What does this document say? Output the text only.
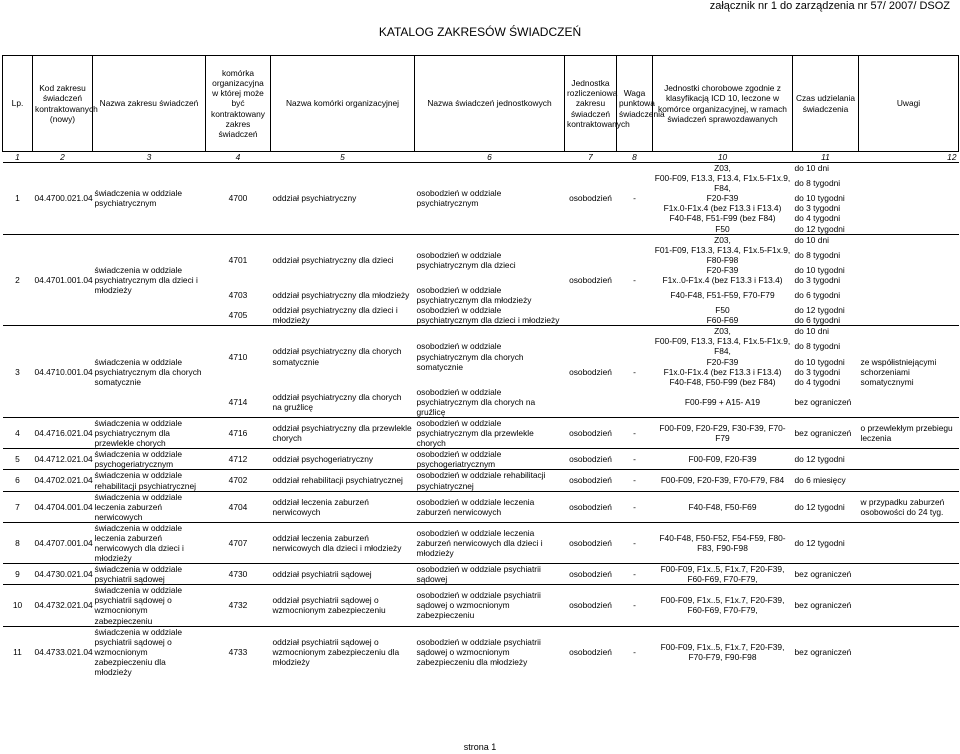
załącznik nr 1 do zarządzenia nr 57/ 2007/ DSOZ
KATALOG ZAKRESÓW ŚWIADCZEŃ
Lp.	Kod zakresu świadczeń kontraktowanych (nowy)	Nazwa zakresu świadczeń	komórka organizacyjna w której może być kontraktowany zakres świadczeń	Nazwa komórki organizacyjnej	Nazwa świadczeń jednostkowych	Jednostka rozliczeniowa zakresu świadczeń kontraktowanych	Waga punktowa świadczenia	Jednostki chorobowe zgodnie z klasyfikacją ICD 10, leczone w komórce organizacyjnej, w ramach świadczeń sprawozdawanych	Czas udzielania świadczenia	Uwagi
1	2	3	4	5	6	7	8	10	11	12
1	04.4700.021.04	świadczenia w oddziale psychiatrycznym	4700	oddział psychiatryczny	osobodzień w oddziale psychiatrycznym	osobodzień	-	Z03,	do 10 dni	
								F00-F09, F13.3, F13.4, F1x.5-F1x.9, F84,	do 8 tygodni	
								F20-F39	do 10 tygodni	
								F1x.0-F1x.4 (bez F13.3 i F13.4)	do 3 tygodni	
								F40-F48, F51-F99 (bez F84)	do 4 tygodni	
								F50	do 12 tygodni	
2	04.4701.001.04	świadczenia w oddziale psychiatrycznym dla dzieci i młodzieży	4701	oddział psychiatryczny dla dzieci	osobodzień w oddziale psychiatrycznym dla dzieci	osobodzień	-	Z03,	do 10 dni	
								F01-F09, F13.3, F13.4, F1x.5-F1x.9, F80-F98	do 8 tygodni	
								F20-F39	do 10 tygodni	
								F1x..0-F1x.4 (bez F13.3 i F13.4)	do 3 tygodni	
			4703	oddział psychiatryczny dla młodzieży	osobodzień w oddziale psychiatrycznym dla młodzieży			F40-F48, F51-F59, F70-F79	do 6 tygodni	
			4705	oddział psychiatryczny dla dzieci i młodzieży	osobodzień w oddziale psychiatrycznym dla dzieci i młodzieży			F50	do 12 tygodni	
								F60-F69	do 6 tygodni	
3	04.4710.001.04	świadczenia w oddziale psychiatrycznym dla chorych somatycznie	4710	oddział psychiatryczny dla chorych somatycznie	osobodzień w oddziale psychiatrycznym dla chorych somatycznie	osobodzień	-	Z03,	do 10 dni	ze współistniejącymi schorzeniami somatycznymi
								F00-F09, F13.3, F13.4, F1x.5-F1x.9, F84,	do 8 tygodni	
								F20-F39	do 10 tygodni	
								F1x.0-F1x.4 (bez F13.3 i F13.4)	do 3 tygodni	
								F40-F48, F50-F99 (bez F84)	do 4 tygodni	
			4714	oddział psychiatryczny dla chorych na gruźlicę	osobodzień w oddziale psychiatrycznym dla chorych na gruźlicę			F00-F99 + A15- A19	bez ograniczeń	
4	04.4716.021.04	świadczenia w oddziale psychiatrycznym dla przewlekle chorych	4716	oddział psychiatryczny dla przewlekle chorych	osobodzień w oddziale psychiatrycznym dla przewlekle chorych	osobodzień	-	F00-F09, F20-F29, F30-F39, F70-F79	bez ograniczeń	o przewlekłym przebiegu leczenia
5	04.4712.021.04	świadczenia w oddziale psychogeriatrycznym	4712	oddział psychogeriatryczny	osobodzień w oddziale psychogeriatrycznym	osobodzień	-	F00-F09, F20-F39	do 12 tygodni	
6	04.4702.021.04	świadczenia w oddziale rehabilitacji psychiatrycznej	4702	oddział rehabilitacji psychiatrycznej	osobodzień w oddziale rehabilitacji psychiatrycznej	osobodzień	-	F00-F09, F20-F39, F70-F79, F84	do 6 miesięcy	
7	04.4704.001.04	świadczenia w oddziale leczenia zaburzeń nerwicowych	4704	oddział leczenia zaburzeń nerwicowych	osobodzień w oddziale leczenia zaburzeń nerwicowych	osobodzień	-	F40-F48, F50-F69	do 12 tygodni	w przypadku zaburzeń osobowości do 24 tyg.
8	04.4707.001.04	świadczenia w oddziale leczenia zaburzeń nerwicowych dla dzieci i młodzieży	4707	oddział leczenia zaburzeń nerwicowych dla dzieci i młodzieży	osobodzień w oddziale leczenia zaburzeń nerwicowych dla dzieci i młodzieży	osobodzień	-	F40-F48, F50-F52, F54-F59, F80-F83, F90-F98	do 12 tygodni	
9	04.4730.021.04	świadczenia w oddziale psychiatrii sądowej	4730	oddział psychiatrii sądowej	osobodzień w oddziale psychiatrii sądowej	osobodzień	-	F00-F09, F1x..5, F1x.7, F20-F39, F60-F69, F70-F79,	bez ograniczeń	
10	04.4732.021.04	świadczenia w oddziale psychiatrii sądowej o wzmocnionym zabezpieczeniu	4732	oddział psychiatrii sądowej o wzmocnionym zabezpieczeniu	osobodzień w oddziale psychiatrii sądowej o wzmocnionym zabezpieczeniu	osobodzień	-	F00-F09, F1x..5, F1x.7, F20-F39, F60-F69, F70-F79,	bez ograniczeń	
11	04.4733.021.04	świadczenia w oddziale psychiatrii sądowej o wzmocnionym zabezpieczeniu dla młodzieży	4733	oddział psychiatrii sądowej o wzmocnionym zabezpieczeniu dla młodzieży	osobodzień w oddziale psychiatrii sądowej o wzmocnionym zabezpieczeniu dla młodzieży	osobodzień	-	F00-F09, F1x..5, F1x.7, F20-F39, F70-F79, F90-F98	bez ograniczeń	
strona 1
